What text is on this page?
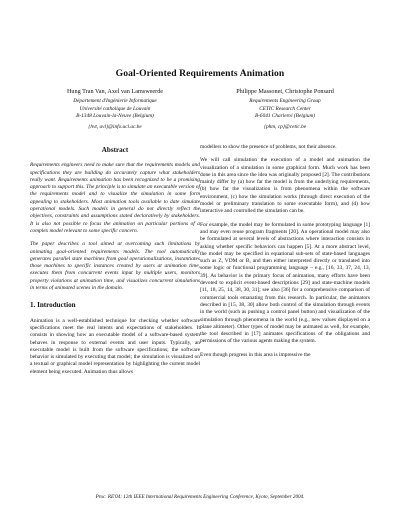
Goal-Oriented Requirements Animation
Hung Tran Van, Axel van Lamsweerde
Département d'Ingénierie Informatique
Université catholique de Louvain
B-1348 Louvain-la-Neuve (Belgium)
{hvt, avl}@info.ucl.ac.be
Philippe Massonet, Christophe Ponsard
Requirements Engineering Group
CETIC Research Center
B-6041 Charleroi (Belgium)
{phm, cp}@cetic.be
Abstract

Requirements engineers need to make sure that the requirements models and specifications they are building do accurately capture what stakeholders really want. Requirements animation has been recognized to be a promising approach to support this. The principle is to simulate an executable version of the requirements model and to visualize the simulation in some form appealing to stakeholders. Most animation tools available to date simulate operational models. Such models in general do not directly reflect the objectives, constraints and assumptions stated declaratively by stakeholders. It is also not possible to focus the animation on particular portions of a complex model relevant to some specific concern.

The paper describes a tool aimed at overcoming such limitations by animating goal-oriented requirements models. The tool automatically generates parallel state machines from goal operationalizations, instantiates those machines to specific instances created by users at animation time, executes them from concurrent events input by multiple users, monitors property violations at animation time, and visualizes concurrent simulations in terms of animated scenes in the domain.

1. Introduction

Animation is a well-established technique for checking whether software specifications meet the real intents and expectations of stakeholders. It consists in showing how an executable model of a software-based system behaves in response to external events and user inputs. Typically, an executable model is built from the software specifications; the software behavior is simulated by executing that model; the simulation is visualized on a textual or graphical model representation by highlighting the current model element being executed. Animation thus allows

modellers to show the presence of problems, not their absence.

We will call simulation the execution of a model and animation the visualization of a simulation in some graphical form. Much work has been done in this area since the idea was originally proposed [2]. The contributions mainly differ by (a) how far the model is from the underlying requirements, (b) how far the visualization is from phenomena within the software environment, (c) how the simulation works (through direct execution of the model or preliminary translation to some executable form), and (d) how interactive and controlled the simulation can be.

For example, the model may be formulated in some prototyping language [1] and may even reuse program fragments [20]. An operational model may also be formulated at several levels of abstractions where interaction consists in asking whether specific behaviors can happen [5]. At a more abstract level, the model may be specified in equational sub-sets of state-based languages such as Z, VDM or B, and then either interpreted directly or translated into some logic or functional programming language – e.g., [16, 33, 37, 24, 13, 39]. As behavior is the primary focus of animation, many efforts have been devoted to explicit event-based descriptions [29] and state-machine models [11, 18, 25, 14, 38, 30, 31]; see also [36] for a comprehensive comparison of commercial tools emanating from this research. In particular, the animators described in [15, 38, 30] allow both control of the simulation through events in the world (such as pushing a control panel button) and visualization of the simulation through phenomena in the world (e.g., new values displayed on a plane altimeter). Other types of model may be animated as well, for example, the tool described in [17] animates specifications of the obligations and permissions of the various agents making the system.

Even though progress in this area is impressive the

Proc. RE'04: 12th IEEE International Requirements Engineering Conference, Kyoto, September 2004.
